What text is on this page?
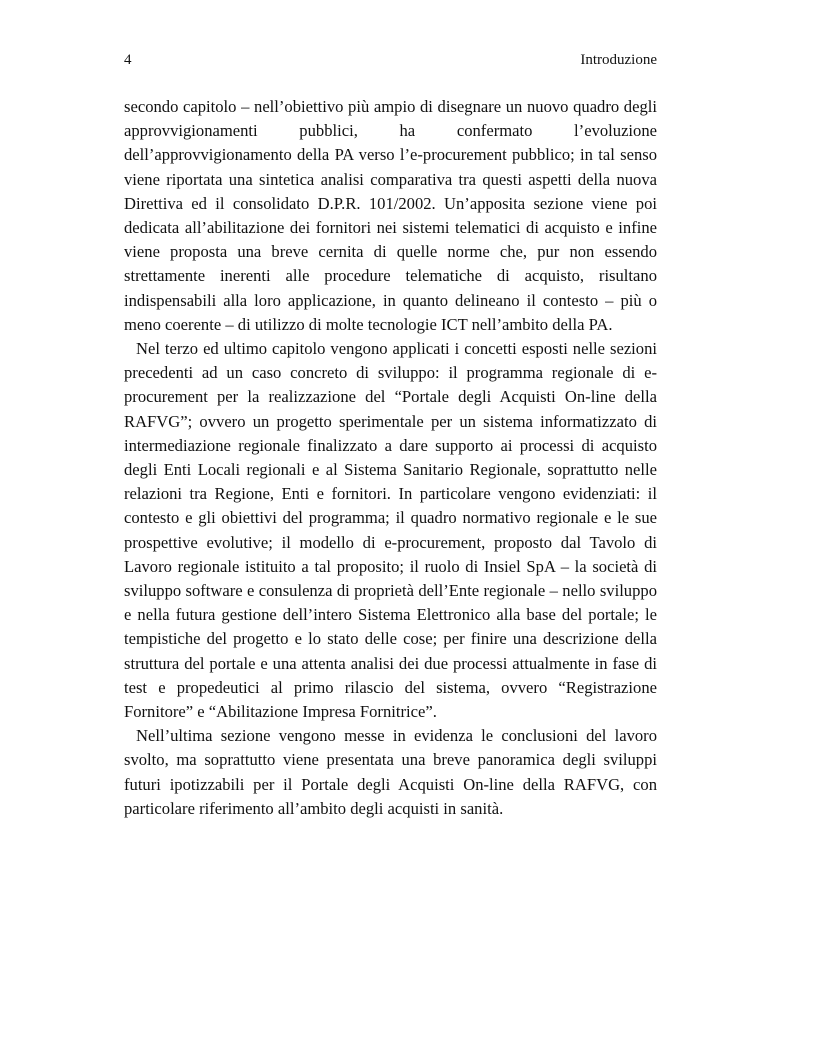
4	Introduzione

secondo capitolo – nell’obiettivo più ampio di disegnare un nuovo quadro degli approvvigionamenti pubblici, ha confermato l’evoluzione dell’approvvigionamento della PA verso l’e-procurement pubblico; in tal senso viene riportata una sintetica analisi comparativa tra questi aspetti della nuova Direttiva ed il consolidato D.P.R. 101/2002. Un’apposita sezione viene poi dedicata all’abilitazione dei fornitori nei sistemi telematici di acquisto e infine viene proposta una breve cernita di quelle norme che, pur non essendo strettamente inerenti alle procedure telematiche di acquisto, risultano indispensabili alla loro applicazione, in quanto delineano il contesto – più o meno coerente – di utilizzo di molte tecnologie ICT nell’ambito della PA.

Nel terzo ed ultimo capitolo vengono applicati i concetti esposti nelle sezioni precedenti ad un caso concreto di sviluppo: il programma regionale di e-procurement per la realizzazione del “Portale degli Acquisti On-line della RAFVG”; ovvero un progetto sperimentale per un sistema informatizzato di intermediazione regionale finalizzato a dare supporto ai processi di acquisto degli Enti Locali regionali e al Sistema Sanitario Regionale, soprattutto nelle relazioni tra Regione, Enti e fornitori. In particolare vengono evidenziati: il contesto e gli obiettivi del programma; il quadro normativo regionale e le sue prospettive evolutive; il modello di e-procurement, proposto dal Tavolo di Lavoro regionale istituito a tal proposito; il ruolo di Insiel SpA – la società di sviluppo software e consulenza di proprietà dell’Ente regionale – nello sviluppo e nella futura gestione dell’intero Sistema Elettronico alla base del portale; le tempistiche del progetto e lo stato delle cose; per finire una descrizione della struttura del portale e una attenta analisi dei due processi attualmente in fase di test e propedeutici al primo rilascio del sistema, ovvero “Registrazione Fornitore” e “Abilitazione Impresa Fornitrice”.

Nell’ultima sezione vengono messe in evidenza le conclusioni del lavoro svolto, ma soprattutto viene presentata una breve panoramica degli sviluppi futuri ipotizzabili per il Portale degli Acquisti On-line della RAFVG, con particolare riferimento all’ambito degli acquisti in sanità.
